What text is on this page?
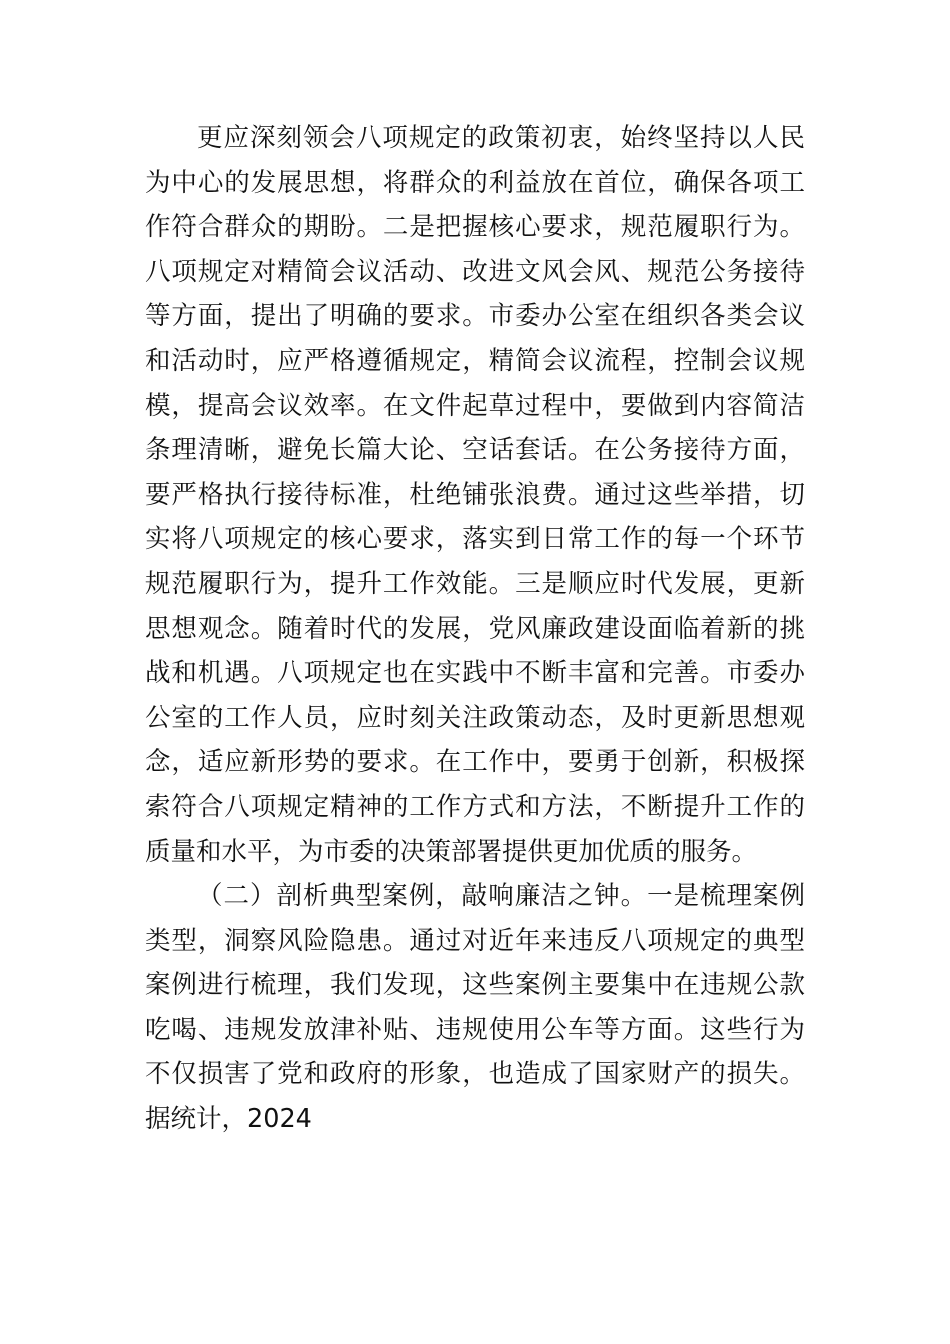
更应深刻领会八项规定的政策初衷，始终坚持以人民
为中心的发展思想，将群众的利益放在首位，确保各项工
作符合群众的期盼。二是把握核心要求，规范履职行为。
八项规定对精简会议活动、改进文风会风、规范公务接待
等方面，提出了明确的要求。市委办公室在组织各类会议
和活动时，应严格遵循规定，精简会议流程，控制会议规
模，提高会议效率。在文件起草过程中，要做到内容简洁
条理清晰，避免长篇大论、空话套话。在公务接待方面，
要严格执行接待标准，杜绝铺张浪费。通过这些举措，切
实将八项规定的核心要求，落实到日常工作的每一个环节
规范履职行为，提升工作效能。三是顺应时代发展，更新
思想观念。随着时代的发展，党风廉政建设面临着新的挑
战和机遇。八项规定也在实践中不断丰富和完善。市委办
公室的工作人员，应时刻关注政策动态，及时更新思想观
念，适应新形势的要求。在工作中，要勇于创新，积极探
索符合八项规定精神的工作方式和方法，不断提升工作的
质量和水平，为市委的决策部署提供更加优质的服务。
（二）剖析典型案例，敲响廉洁之钟。一是梳理案例
类型，洞察风险隐患。通过对近年来违反八项规定的典型
案例进行梳理，我们发现，这些案例主要集中在违规公款
吃喝、违规发放津补贴、违规使用公车等方面。这些行为
不仅损害了党和政府的形象，也造成了国家财产的损失。
据统计，2024
